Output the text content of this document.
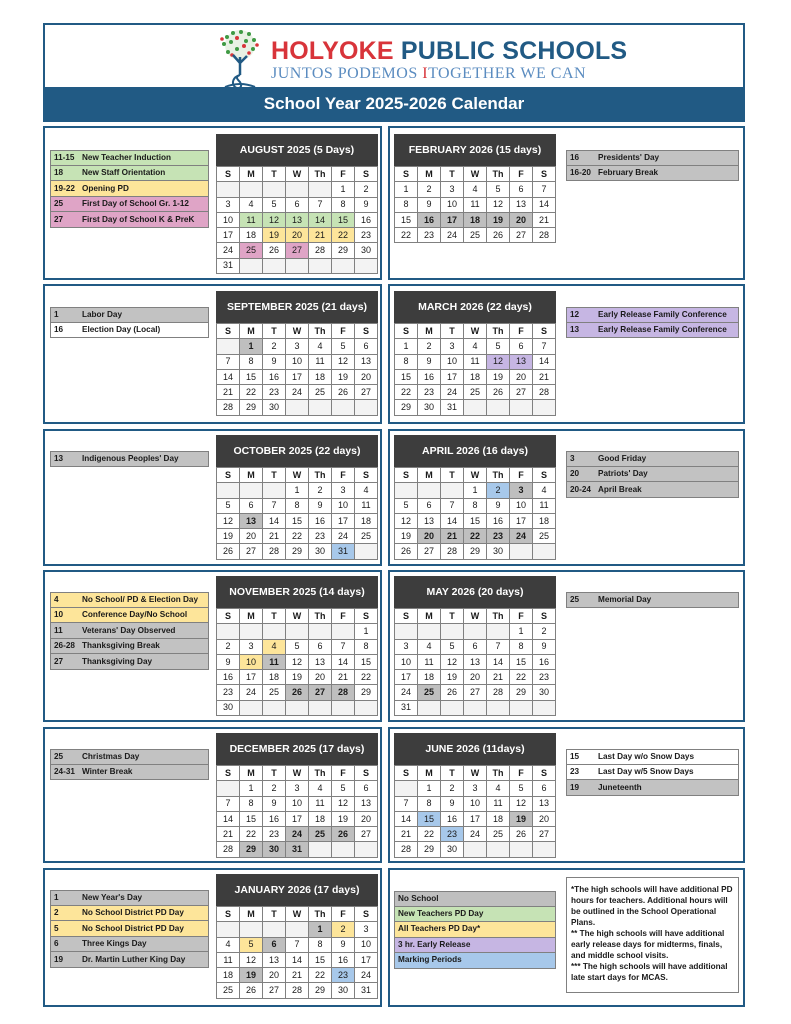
HOLYOKE PUBLIC SCHOOLS
JUNTOS PODEMOS ITOGETHER WE CAN
School Year 2025-2026 Calendar
AUGUST 2025 (5 Days)
S	M	T	W	Th	F	S
					1	2
3	4	5	6	7	8	9
10	11	12	13	14	15	16
17	18	19	20	21	22	23
24	25	26	27	28	29	30
31						
SEPTEMBER 2025 (21 days)
S	M	T	W	Th	F	S
	1	2	3	4	5	6
7	8	9	10	11	12	13
14	15	16	17	18	19	20
21	22	23	24	25	26	27
28	29	30				
OCTOBER 2025 (22 days)
S	M	T	W	Th	F	S
			1	2	3	4
5	6	7	8	9	10	11
12	13	14	15	16	17	18
19	20	21	22	23	24	25
26	27	28	29	30	31	
NOVEMBER 2025 (14 days)
S	M	T	W	Th	F	S
						1
2	3	4	5	6	7	8
9	10	11	12	13	14	15
16	17	18	19	20	21	22
23	24	25	26	27	28	29
30						
DECEMBER 2025 (17 days)
S	M	T	W	Th	F	S
	1	2	3	4	5	6
7	8	9	10	11	12	13
14	15	16	17	18	19	20
21	22	23	24	25	26	27
28	29	30	31			
JANUARY 2026 (17 days)
S	M	T	W	Th	F	S
				1	2	3
4	5	6	7	8	9	10
11	12	13	14	15	16	17
18	19	20	21	22	23	24
25	26	27	28	29	30	31
FEBRUARY 2026 (15 days)
S	M	T	W	Th	F	S
1	2	3	4	5	6	7
8	9	10	11	12	13	14
15	16	17	18	19	20	21
22	23	24	25	26	27	28
MARCH 2026 (22 days)
S	M	T	W	Th	F	S
1	2	3	4	5	6	7
8	9	10	11	12	13	14
15	16	17	18	19	20	21
22	23	24	25	26	27	28
29	30	31				
APRIL 2026 (16 days)
S	M	T	W	Th	F	S
			1	2	3	4
5	6	7	8	9	10	11
12	13	14	15	16	17	18
19	20	21	22	23	24	25
26	27	28	29	30		
MAY 2026 (20 days)
S	M	T	W	Th	F	S
					1	2
3	4	5	6	7	8	9
10	11	12	13	14	15	16
17	18	19	20	21	22	23
24	25	26	27	28	29	30
31						
JUNE 2026 (11days)
S	M	T	W	Th	F	S
	1	2	3	4	5	6
7	8	9	10	11	12	13
14	15	16	17	18	19	20
21	22	23	24	25	26	27
28	29	30				
11-15 New Teacher Induction
18	New Staff Orientation
19-22 Opening PD
25	First Day of School Gr. 1-12
27	First Day of School K & PreK
1	Labor Day
16	Election Day (Local)
13	Indigenous Peoples' Day
4	No School/ PD & Election Day
10	Conference Day/No School
11	Veterans' Day Observed
26-28 Thanksgiving Break
27	Thanksgiving Day
25	Christmas Day
24-31 Winter Break
1	New Year's Day
2	No School District PD Day
5	No School District PD Day
6	Three Kings Day
19	Dr. Martin Luther King Day
16	Presidents' Day
16-20 February Break
12	Early Release Family Conference
13	Early Release Family Conference
3	Good Friday
20	Patriots' Day
20-24 April Break
25	Memorial Day
15	Last Day w/o Snow Days
23	Last Day w/5 Snow Days
19	Juneteenth
No School
New Teachers PD Day
All Teachers PD Day*
3 hr. Early Release
Marking Periods

*The high schools will have additional PD hours for teachers. Additional hours will be outlined in the School Operational Plans.

** The high schools will have additional early release days for midterms, finals, and middle school visits.

*** The high schools will have additional late start days for MCAS.
